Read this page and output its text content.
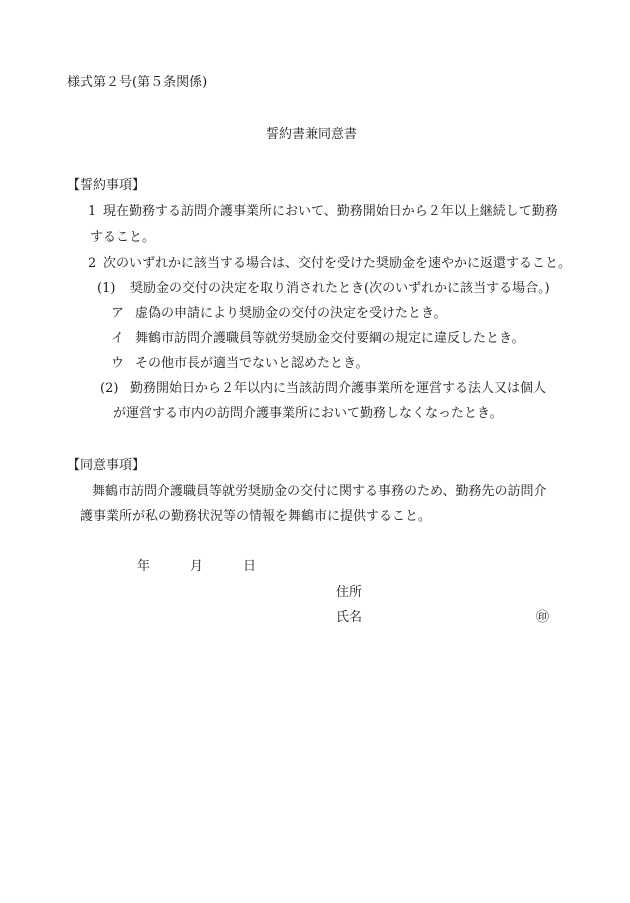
様式第２号(第５条関係)
誓約書兼同意書
【誓約事項】
1 現在勤務する訪問介護事業所において、勤務開始日から２年以上継続して勤務
すること。
2 次のいずれかに該当する場合は、交付を受けた奨励金を速やかに返還すること。
(1) 奨励金の交付の決定を取り消されたとき(次のいずれかに該当する場合。)
ア 虚偽の申請により奨励金の交付の決定を受けたとき。
イ 舞鶴市訪問介護職員等就労奨励金交付要綱の規定に違反したとき。
ウ その他市長が適当でないと認めたとき。
(2) 勤務開始日から２年以内に当該訪問介護事業所を運営する法人又は個人
が運営する市内の訪問介護事業所において勤務しなくなったとき。
【同意事項】
舞鶴市訪問介護職員等就労奨励金の交付に関する事務のため、勤務先の訪問介
護事業所が私の勤務状況等の情報を舞鶴市に提供すること。
年	月	日
住所
氏名	㊞
